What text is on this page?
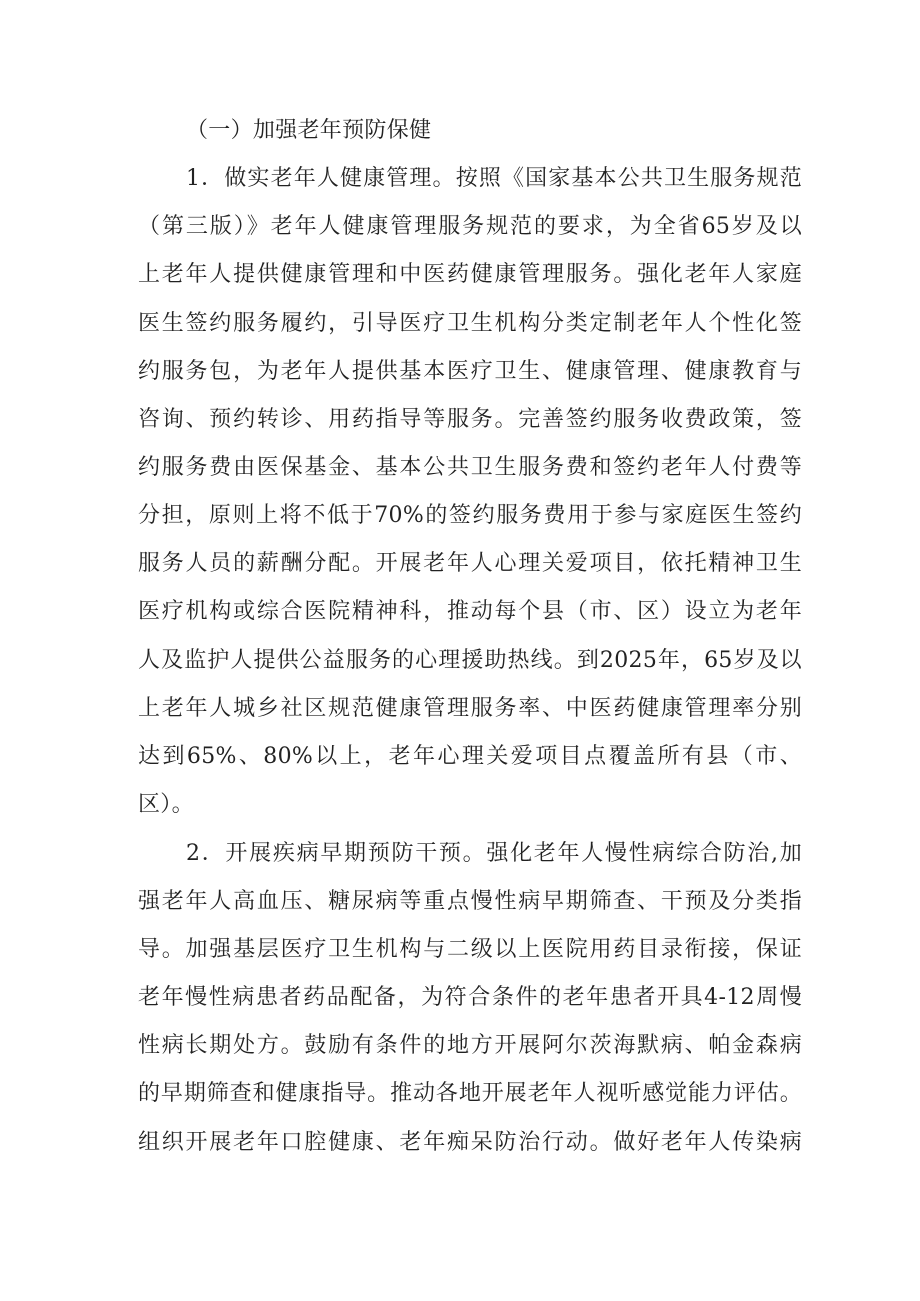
（一）加强老年预防保健
1．做实老年人健康管理。按照《国家基本公共卫生服务规范
（第三版）》老年人健康管理服务规范的要求，为全省65岁及以
上老年人提供健康管理和中医药健康管理服务。强化老年人家庭
医生签约服务履约，引导医疗卫生机构分类定制老年人个性化签
约服务包，为老年人提供基本医疗卫生、健康管理、健康教育与
咨询、预约转诊、用药指导等服务。完善签约服务收费政策，签
约服务费由医保基金、基本公共卫生服务费和签约老年人付费等
分担，原则上将不低于70%的签约服务费用于参与家庭医生签约
服务人员的薪酬分配。开展老年人心理关爱项目，依托精神卫生
医疗机构或综合医院精神科，推动每个县（市、区）设立为老年
人及监护人提供公益服务的心理援助热线。到2025年，65岁及以
上老年人城乡社区规范健康管理服务率、中医药健康管理率分别
达到65%、80%以上，老年心理关爱项目点覆盖所有县（市、
区）。
2．开展疾病早期预防干预。强化老年人慢性病综合防治,加
强老年人高血压、糖尿病等重点慢性病早期筛查、干预及分类指
导。加强基层医疗卫生机构与二级以上医院用药目录衔接，保证
老年慢性病患者药品配备，为符合条件的老年患者开具4-12周慢
性病长期处方。鼓励有条件的地方开展阿尔茨海默病、帕金森病
的早期筛查和健康指导。推动各地开展老年人视听感觉能力评估。
组织开展老年口腔健康、老年痴呆防治行动。做好老年人传染病
